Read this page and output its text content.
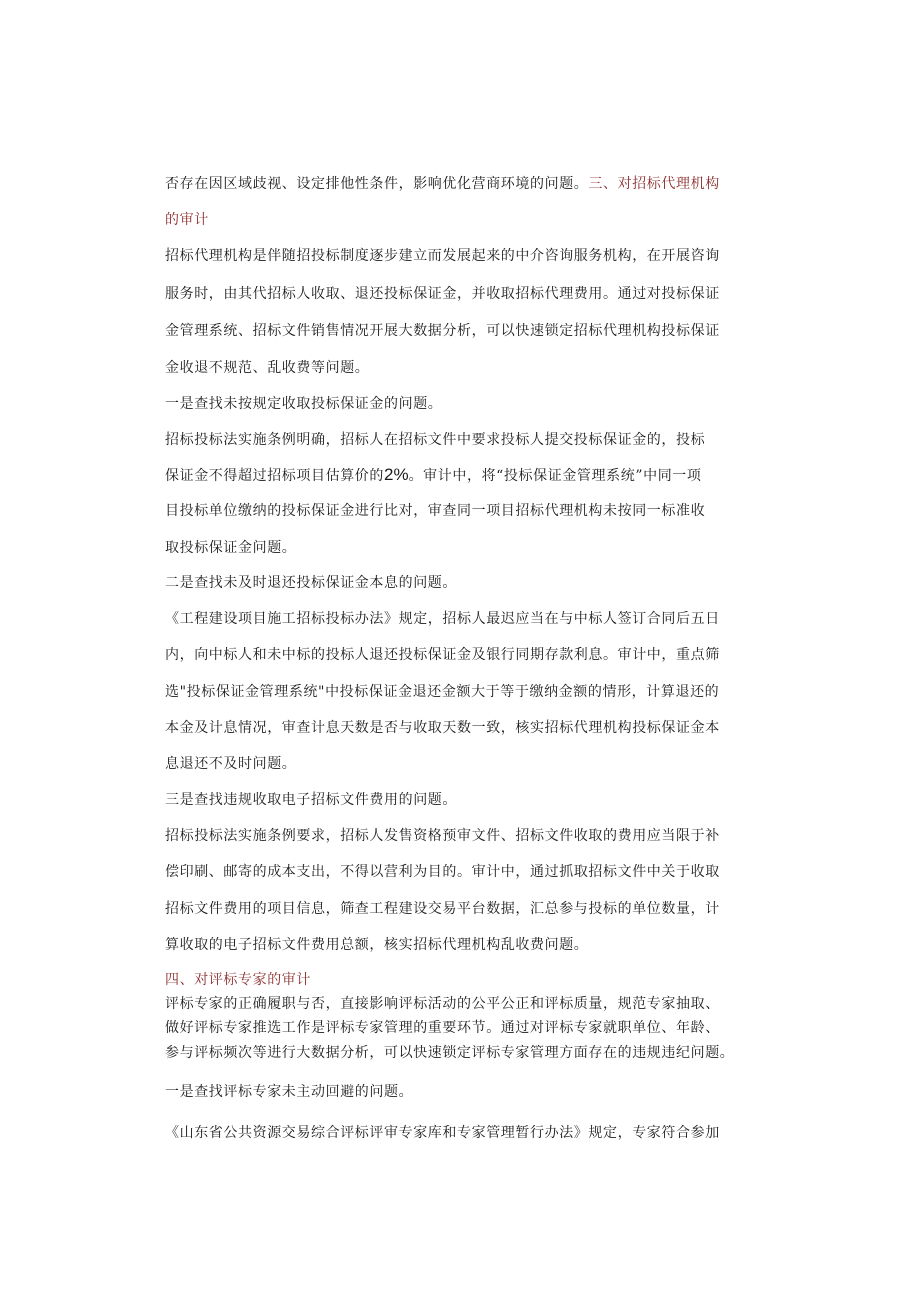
否存在因区域歧视、设定排他性条件，影响优化营商环境的问题。三、对招标代理机构

的审计

招标代理机构是伴随招投标制度逐步建立而发展起来的中介咨询服务机构，在开展咨询

服务时，由其代招标人收取、退还投标保证金，并收取招标代理费用。通过对投标保证

金管理系统、招标文件销售情况开展大数据分析，可以快速锁定招标代理机构投标保证

金收退不规范、乱收费等问题。

一是查找未按规定收取投标保证金的问题。

招标投标法实施条例明确，招标人在招标文件中要求投标人提交投标保证金的，投标

保证金不得超过招标项目估算价的2%。审计中，将“投标保证金管理系统”中同一项

目投标单位缴纳的投标保证金进行比对，审查同一项目招标代理机构未按同一标准收

取投标保证金问题。

二是查找未及时退还投标保证金本息的问题。

《工程建设项目施工招标投标办法》规定，招标人最迟应当在与中标人签订合同后五日

内，向中标人和未中标的投标人退还投标保证金及银行同期存款利息。审计中，重点筛

选"投标保证金管理系统"中投标保证金退还金额大于等于缴纳金额的情形，计算退还的

本金及计息情况，审查计息天数是否与收取天数一致，核实招标代理机构投标保证金本

息退还不及时问题。

三是查找违规收取电子招标文件费用的问题。

招标投标法实施条例要求，招标人发售资格预审文件、招标文件收取的费用应当限于补

偿印刷、邮寄的成本支出，不得以营利为目的。审计中，通过抓取招标文件中关于收取

招标文件费用的项目信息，筛查工程建设交易平台数据，汇总参与投标的单位数量，计

算收取的电子招标文件费用总额，核实招标代理机构乱收费问题。

四、对评标专家的审计

评标专家的正确履职与否，直接影响评标活动的公平公正和评标质量，规范专家抽取、

做好评标专家推选工作是评标专家管理的重要环节。通过对评标专家就职单位、年龄、

参与评标频次等进行大数据分析，可以快速锁定评标专家管理方面存在的违规违纪问题。

一是查找评标专家未主动回避的问题。

《山东省公共资源交易综合评标评审专家库和专家管理暂行办法》规定，专家符合参加
